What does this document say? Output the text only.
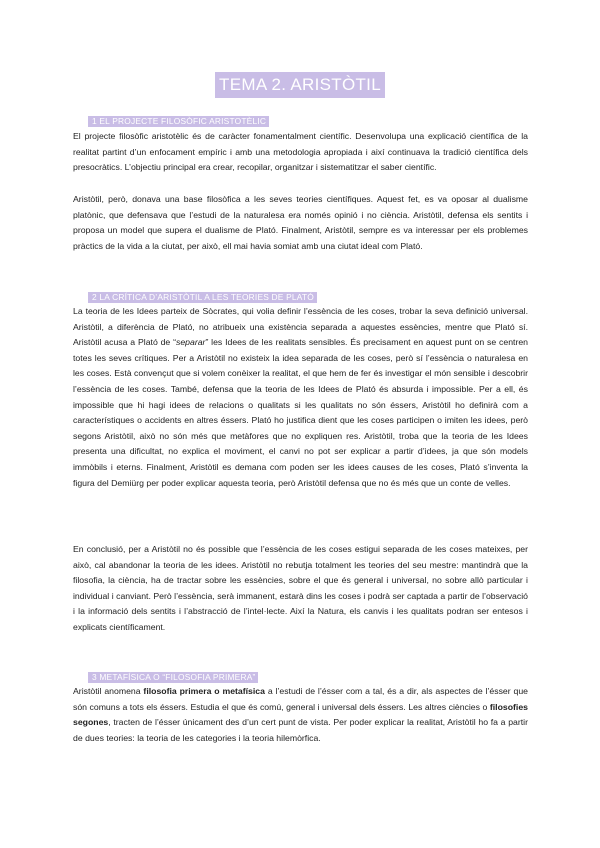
TEMA 2. ARISTÒTIL
1 EL PROJECTE FILOSÒFIC ARISTOTÈLIC

El projecte filosòfic aristotèlic és de caràcter fonamentalment científic. Desenvolupa una explicació científica de la realitat partint d’un enfocament empíric i amb una metodologia apropiada i així continuava la tradició científica dels presocràtics. L’objectiu principal era crear, recopilar, organitzar i sistematitzar el saber científic.

Aristòtil, però, donava una base filosòfica a les seves teories científiques. Aquest fet, es va oposar al dualisme platònic, que defensava que l’estudi de la naturalesa era només opinió i no ciència. Aristòtil, defensa els sentits i proposa un model que supera el dualisme de Plató. Finalment, Aristòtil, sempre es va interessar per els problemes pràctics de la vida a la ciutat, per això, ell mai havia somiat amb una ciutat ideal com Plató.

2 LA CRÍTICA D’ARISTÒTIL A LES TEORIES DE PLATÓ

La teoria de les Idees parteix de Sòcrates, qui volia definir l’essència de les coses, trobar la seva definició universal. Aristòtil, a diferència de Plató, no atribueix una existència separada a aquestes essències, mentre que Plató sí. Aristòtil acusa a Plató de “separar” les Idees de les realitats sensibles. És precisament en aquest punt on se centren totes les seves crítiques. Per a Aristòtil no existeix la idea separada de les coses, però sí l’essència o naturalesa en les coses. Està convençut que si volem conèixer la realitat, el que hem de fer és investigar el món sensible i descobrir l’essència de les coses. També, defensa que la teoria de les Idees de Plató és absurda i impossible. Per a ell, és impossible que hi hagi idees de relacions o qualitats si les qualitats no són éssers, Aristòtil ho definirà com a característiques o accidents en altres éssers. Plató ho justifica dient que les coses participen o imiten les idees, però segons Aristòtil, això no són més que metàfores que no expliquen res. Aristòtil, troba que la teoria de les Idees presenta una dificultat, no explica el moviment, el canvi no pot ser explicar a partir d’idees, ja que són models immòbils i eterns. Finalment, Aristòtil es demana com poden ser les idees causes de les coses, Plató s’inventa la figura del Demiürg per poder explicar aquesta teoria, però Aristòtil defensa que no és més que un conte de velles.

En conclusió, per a Aristòtil no és possible que l’essència de les coses estigui separada de les coses mateixes, per això, cal abandonar la teoria de les idees. Aristòtil no rebutja totalment les teories del seu mestre: mantindrà que la filosofia, la ciència, ha de tractar sobre les essències, sobre el que és general i universal, no sobre allò particular i individual i canviant. Però l’essència, serà immanent, estarà dins les coses i podrà ser captada a partir de l’observació i la informació dels sentits i l’abstracció de l’intel·lecte. Així la Natura, els canvis i les qualitats podran ser entesos i explicats científicament.

3 METAFÍSICA O “FILOSOFIA PRIMERA”

Aristòtil anomena filosofia primera o metafísica a l’estudi de l’ésser com a tal, és a dir, als aspectes de l’ésser que són comuns a tots els éssers. Estudia el que és comú, general i universal dels éssers. Les altres ciències o filosofies segones, tracten de l’ésser únicament des d’un cert punt de vista. Per poder explicar la realitat, Aristòtil ho fa a partir de dues teories: la teoria de les categories i la teoria hilemòrfica.
